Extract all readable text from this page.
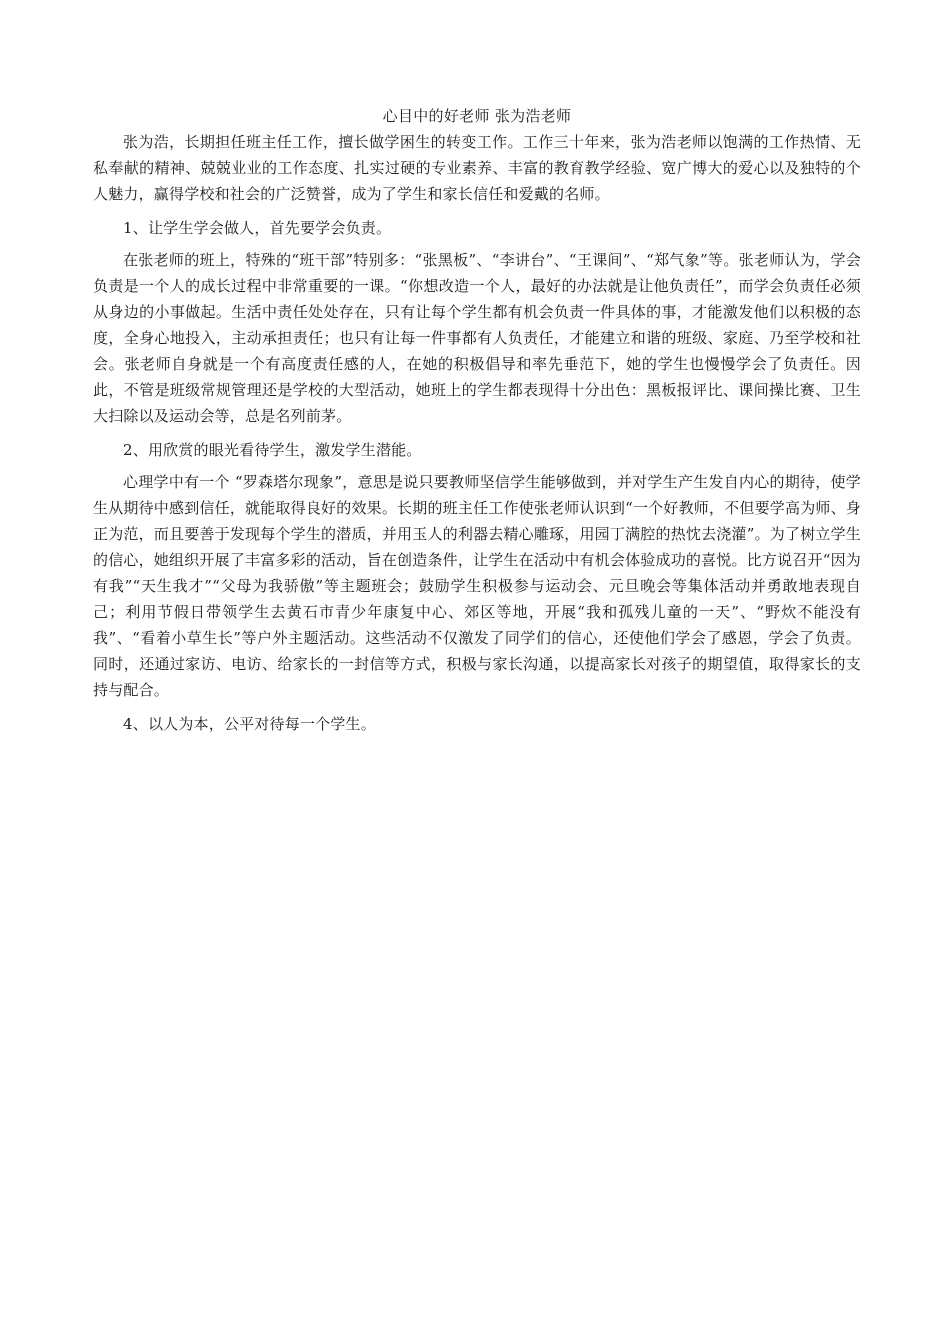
心目中的好老师 张为浩老师

张为浩，长期担任班主任工作，擅长做学困生的转变工作。工作三十年来，张为浩老师以饱满的工作热情、无私奉献的精神、兢兢业业的工作态度、扎实过硬的专业素养、丰富的教育教学经验、宽广博大的爱心以及独特的个人魅力，赢得学校和社会的广泛赞誉，成为了学生和家长信任和爱戴的名师。

1、让学生学会做人，首先要学会负责。

在张老师的班上，特殊的“班干部”特别多：“张黑板”、“李讲台”、“王课间”、“郑气象”等。张老师认为，学会负责是一个人的成长过程中非常重要的一课。“你想改造一个人，最好的办法就是让他负责任”，而学会负责任必须从身边的小事做起。生活中责任处处存在，只有让每个学生都有机会负责一件具体的事，才能激发他们以积极的态度，全身心地投入，主动承担责任；也只有让每一件事都有人负责任，才能建立和谐的班级、家庭、乃至学校和社会。张老师自身就是一个有高度责任感的人，在她的积极倡导和率先垂范下，她的学生也慢慢学会了负责任。因此，不管是班级常规管理还是学校的大型活动，她班上的学生都表现得十分出色：黑板报评比、课间操比赛、卫生大扫除以及运动会等，总是名列前茅。

2、用欣赏的眼光看待学生，激发学生潜能。

心理学中有一个 “罗森塔尔现象”，意思是说只要教师坚信学生能够做到，并对学生产生发自内心的期待，使学生从期待中感到信任，就能取得良好的效果。长期的班主任工作使张老师认识到“一个好教师，不但要学高为师、身正为范，而且要善于发现每个学生的潜质，并用玉人的利器去精心雕琢，用园丁满腔的热忱去浇灌”。为了树立学生的信心，她组织开展了丰富多彩的活动，旨在创造条件，让学生在活动中有机会体验成功的喜悦。比方说召开“因为有我”“天生我才”“父母为我骄傲”等主题班会；鼓励学生积极参与运动会、元旦晚会等集体活动并勇敢地表现自己；利用节假日带领学生去黄石市青少年康复中心、郊区等地，开展“我和孤残儿童的一天”、“野炊不能没有我”、“看着小草生长”等户外主题活动。这些活动不仅激发了同学们的信心，还使他们学会了感恩，学会了负责。同时，还通过家访、电访、给家长的一封信等方式，积极与家长沟通，以提高家长对孩子的期望值，取得家长的支持与配合。

4、以人为本，公平对待每一个学生。
